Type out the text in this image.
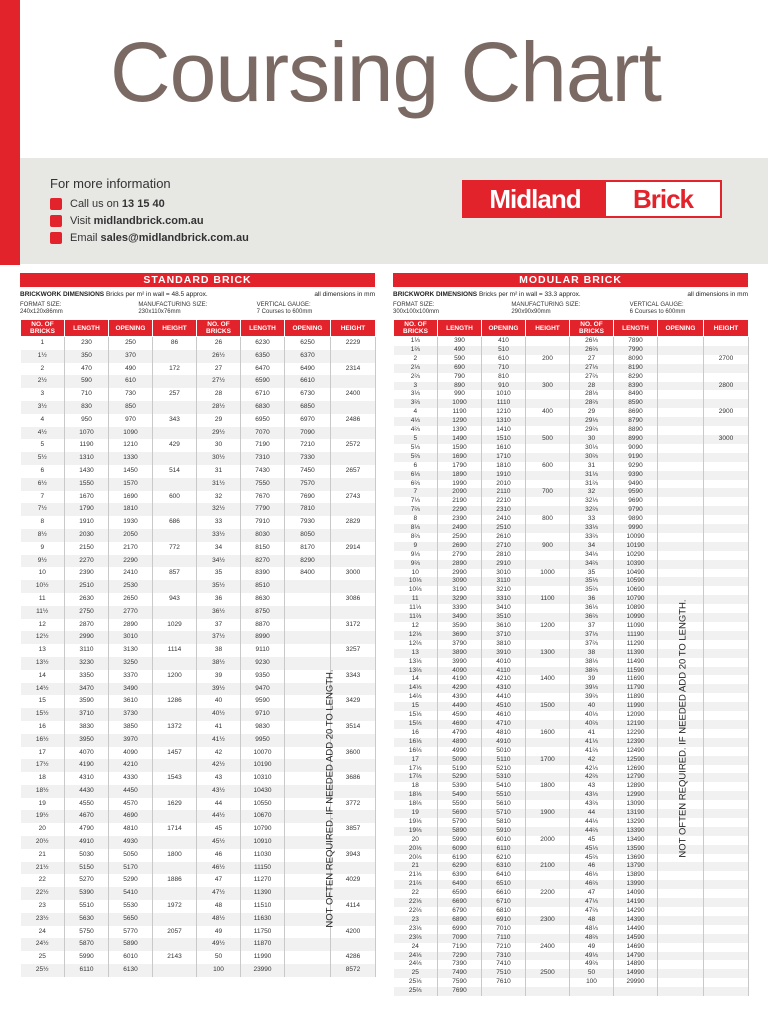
Coursing Chart
For more information
Call us on 13 15 40
Visit midlandbrick.com.au
Email sales@midlandbrick.com.au
Midland	Brick
STANDARD BRICK
BRICKWORK DIMENSIONS Bricks per m² in wall = 48.5 approx.	all dimensions in mm
FORMAT SIZE:
240x120x86mm
MANUFACTURING SIZE:
230x110x76mm
VERTICAL GAUGE:
7 Courses to 600mm
NO. OF BRICKS	LENGTH	OPENING	HEIGHT	NO. OF BRICKS	LENGTH	OPENING	HEIGHT
1	230	250	86	26	6230	6250	2229
1½	350	370		26½	6350	6370	
2	470	490	172	27	6470	6490	2314
2½	590	610		27½	6590	6610	
3	710	730	257	28	6710	6730	2400
3½	830	850		28½	6830	6850	
4	950	970	343	29	6950	6970	2486
4½	1070	1090		29½	7070	7090	
5	1190	1210	429	30	7190	7210	2572
5½	1310	1330		30½	7310	7330	
6	1430	1450	514	31	7430	7450	2657
6½	1550	1570		31½	7550	7570	
7	1670	1690	600	32	7670	7690	2743
7½	1790	1810		32½	7790	7810	
8	1910	1930	686	33	7910	7930	2829
8½	2030	2050		33½	8030	8050	
9	2150	2170	772	34	8150	8170	2914
9½	2270	2290		34½	8270	8290	
10	2390	2410	857	35	8390	8400	3000
10½	2510	2530		35½	8510		
11	2630	2650	943	36	8630		3086
11½	2750	2770		36½	8750		
12	2870	2890	1029	37	8870		3172
12½	2990	3010		37½	8990		
13	3110	3130	1114	38	9110		3257
13½	3230	3250		38½	9230		
14	3350	3370	1200	39	9350		3343
14½	3470	3490		39½	9470		
15	3590	3610	1286	40	9590		3429
15½	3710	3730		40½	9710		
16	3830	3850	1372	41	9830		3514
16½	3950	3970		41½	9950		
17	4070	4090	1457	42	10070		3600
17½	4190	4210		42½	10190		
18	4310	4330	1543	43	10310		3686
18½	4430	4450		43½	10430		
19	4550	4570	1629	44	10550		3772
19½	4670	4690		44½	10670		
20	4790	4810	1714	45	10790		3857
20½	4910	4930		45½	10910		
21	5030	5050	1800	46	11030		3943
21½	5150	5170		46½	11150		
22	5270	5290	1886	47	11270		4029
22½	5390	5410		47½	11390		
23	5510	5530	1972	48	11510		4114
23½	5630	5650		48½	11630		
24	5750	5770	2057	49	11750		4200
24½	5870	5890		49½	11870		
25	5990	6010	2143	50	11990		4286
25½	6110	6130		100	23990		8572
NOT OFTEN REQUIRED. IF NEEDED ADD 20 TO LENGTH.
MODULAR BRICK
BRICKWORK DIMENSIONS Bricks per m² in wall = 33.3 approx.	all dimensions in mm
FORMAT SIZE:
300x100x100mm
MANUFACTURING SIZE:
290x90x90mm
VERTICAL GAUGE:
6 Courses to 600mm
NO. OF BRICKS	LENGTH	OPENING	HEIGHT	NO. OF BRICKS	LENGTH	OPENING	HEIGHT
1⅓	390	410		26⅓	7890		
1⅔	490	510		26⅔	7990		
2	590	610	200	27	8090		2700
2⅓	690	710		27⅓	8190		
2⅔	790	810		27⅔	8290		
3	890	910	300	28	8390		2800
3⅓	990	1010		28⅓	8490		
3⅔	1090	1110		28⅔	8590		
4	1190	1210	400	29	8690		2900
4⅓	1290	1310		29⅓	8790		
4⅔	1390	1410		29⅔	8890		
5	1490	1510	500	30	8990		3000
5⅓	1590	1610		30⅓	9090		
5⅔	1690	1710		30⅔	9190		
6	1790	1810	600	31	9290		
6⅓	1890	1910		31⅓	9390		
6⅔	1990	2010		31⅔	9490		
7	2090	2110	700	32	9590		
7⅓	2190	2210		32⅓	9690		
7⅔	2290	2310		32⅔	9790		
8	2390	2410	800	33	9890		
8⅓	2490	2510		33⅓	9990		
8⅔	2590	2610		33⅔	10090		
9	2690	2710	900	34	10190		
9⅓	2790	2810		34⅓	10290		
9⅔	2890	2910		34⅔	10390		
10	2990	3010	1000	35	10490		
10⅓	3090	3110		35⅓	10590		
10⅔	3190	3210		35⅔	10690		
11	3290	3310	1100	36	10790		
11⅓	3390	3410		36⅓	10890		
11⅔	3490	3510		36⅔	10990		
12	3590	3610	1200	37	11090		
12⅓	3690	3710		37⅓	11190		
12⅔	3790	3810		37⅔	11290		
13	3890	3910	1300	38	11390		
13⅓	3990	4010		38⅓	11490		
13⅔	4090	4110		38⅔	11590		
14	4190	4210	1400	39	11690		
14⅓	4290	4310		39⅓	11790		
14⅔	4390	4410		39⅔	11890		
15	4490	4510	1500	40	11990		
15⅓	4590	4610		40⅓	12090		
15⅔	4690	4710		40⅔	12190		
16	4790	4810	1600	41	12290		
16⅓	4890	4910		41⅓	12390		
16⅔	4990	5010		41⅔	12490		
17	5090	5110	1700	42	12590		
17⅓	5190	5210		42⅓	12690		
17⅔	5290	5310		42⅔	12790		
18	5390	5410	1800	43	12890		
18⅓	5490	5510		43⅓	12990		
18⅔	5590	5610		43⅔	13090		
19	5690	5710	1900	44	13190		
19⅓	5790	5810		44⅓	13290		
19⅔	5890	5910		44⅔	13390		
20	5990	6010	2000	45	13490		
20⅓	6090	6110		45⅓	13590		
20⅔	6190	6210		45⅔	13690		
21	6290	6310	2100	46	13790		
21⅓	6390	6410		46⅓	13890		
21⅔	6490	6510		46⅔	13990		
22	6590	6610	2200	47	14090		
22⅓	6690	6710		47⅓	14190		
22⅔	6790	6810		47⅔	14290		
23	6890	6910	2300	48	14390		
23⅓	6990	7010		48⅓	14490		
23⅔	7090	7110		48⅔	14590		
24	7190	7210	2400	49	14690		
24⅓	7290	7310		49⅓	14790		
24⅔	7390	7410		49⅔	14890		
25	7490	7510	2500	50	14990		
25⅓	7590	7610		100	29990		
25⅔	7690						
NOT OFTEN REQUIRED. IF NEEDED ADD 20 TO LENGTH.
